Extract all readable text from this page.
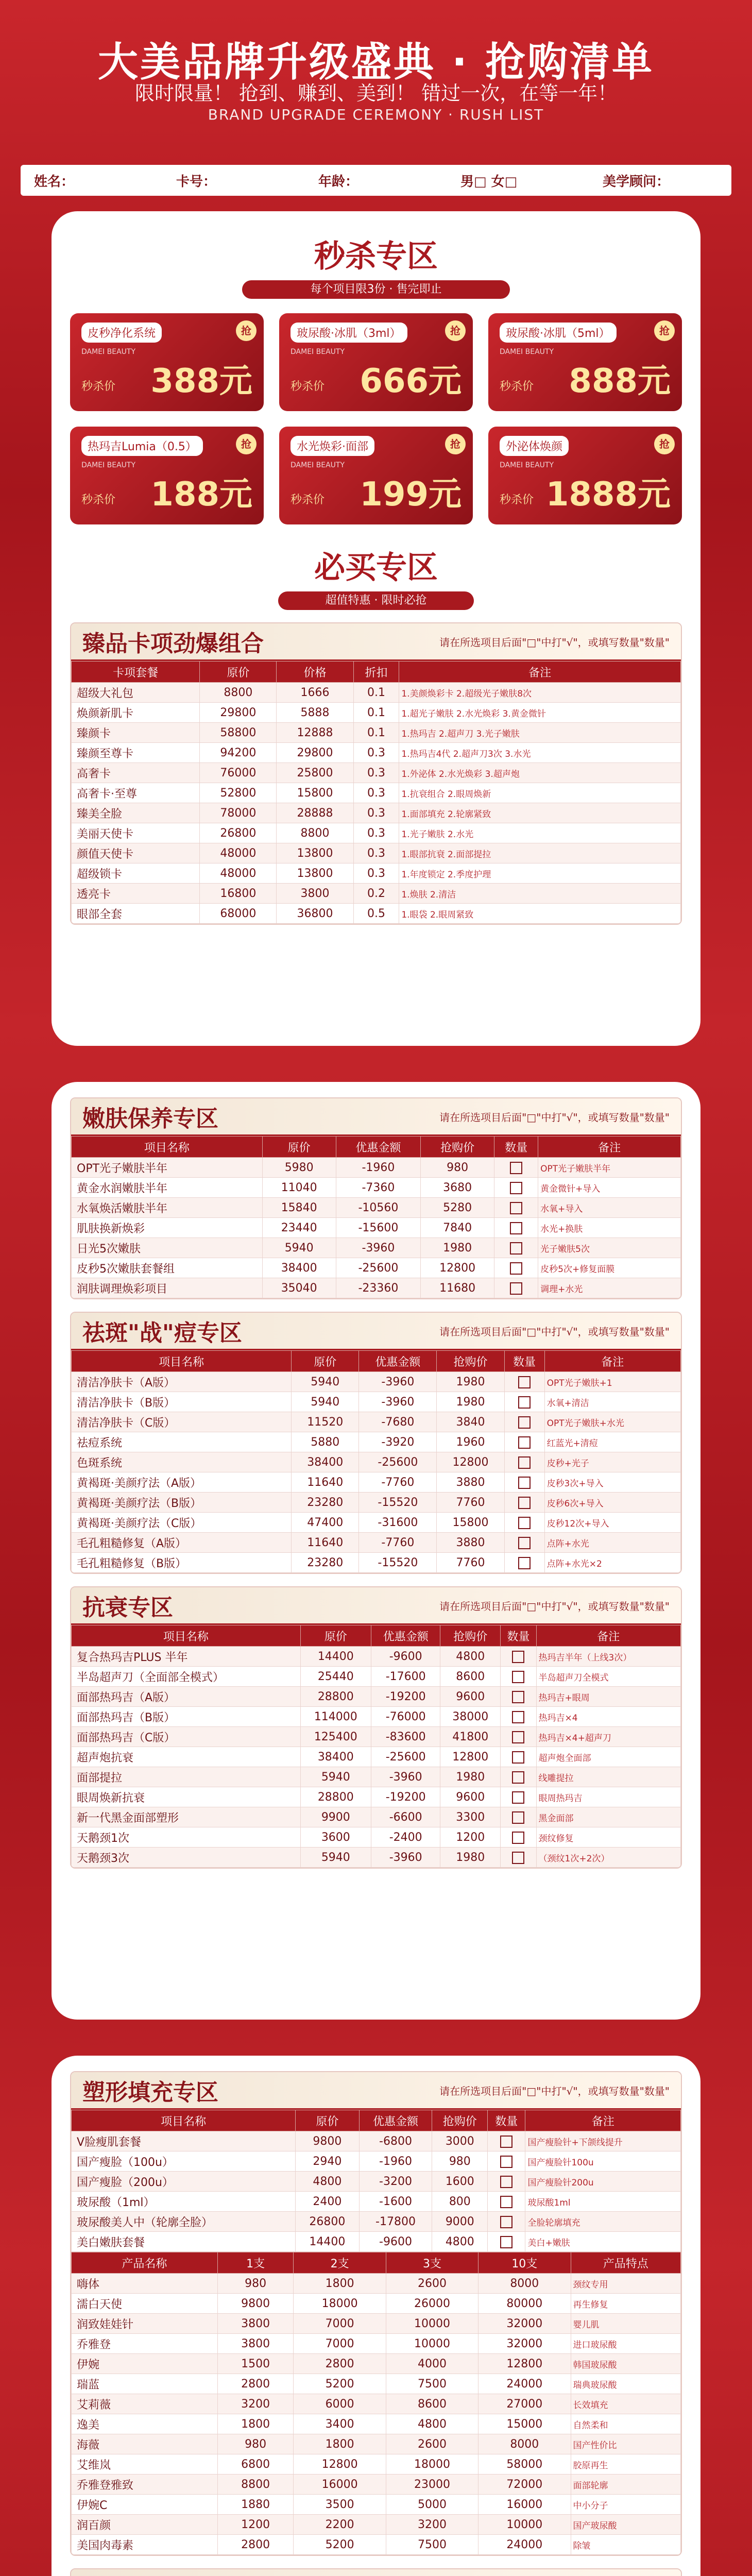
大美品牌升级盛典 · 抢购清单
限时限量！ 抢到、赚到、美到！ 错过一次，在等一年！
BRAND UPGRADE CEREMONY · RUSH LIST
姓名：	卡号：	年龄：	男□ 女□	美学顾问：
秒杀专区
每个项目限3份 · 售完即止
皮秒净化系统
DAMEI BEAUTY
秒杀价 388元
抢	玻尿酸·冰肌（3ml）
DAMEI BEAUTY
秒杀价 666元
抢	玻尿酸·冰肌（5ml）
DAMEI BEAUTY
秒杀价 888元
抢
热玛吉Lumia（0.5）
DAMEI BEAUTY
秒杀价 188元
抢	水光焕彩·面部
DAMEI BEAUTY
秒杀价 199元
抢	外泌体焕颜
DAMEI BEAUTY
秒杀价 1888元
抢
必买专区
超值特惠 · 限时必抢
臻品卡项劲爆组合	请在所选项目后面"□"中打"√"，或填写数量"数量"
卡项套餐	原价	价格	折扣	备注
超级大礼包	8800	1666	0.1	1.美颜焕彩卡 2.超级光子嫩肤8次
焕颜新肌卡	29800	5888	0.1	1.超光子嫩肤 2.水光焕彩 3.黄金微针
臻颜卡	58800	12888	0.1	1.热玛吉 2.超声刀 3.光子嫩肤
臻颜至尊卡	94200	29800	0.3	1.热玛吉4代 2.超声刀3次 3.水光
高奢卡	76000	25800	0.3	1.外泌体 2.水光焕彩 3.超声炮
高奢卡·至尊	52800	15800	0.3	1.抗衰组合 2.眼周焕新
臻美全脸	78000	28888	0.3	1.面部填充 2.轮廓紧致
美丽天使卡	26800	8800	0.3	1.光子嫩肤 2.水光
颜值天使卡	48000	13800	0.3	1.眼部抗衰 2.面部提拉
超级锁卡	48000	13800	0.3	1.年度锁定 2.季度护理
透亮卡	16800	3800	0.2	1.焕肤 2.清洁
眼部全套	68000	36800	0.5	1.眼袋 2.眼周紧致
嫩肤保养专区	请在所选项目后面"□"中打"√"，或填写数量"数量"
项目名称	原价	优惠金额	抢购价	数量	备注
OPT光子嫩肤半年	5980	-1960	980		OPT光子嫩肤半年
黄金水润嫩肤半年	11040	-7360	3680		黄金微针+导入
水氧焕活嫩肤半年	15840	-10560	5280		水氧+导入
肌肤换新焕彩	23440	-15600	7840		水光+换肤
日光5次嫩肤	5940	-3960	1980		光子嫩肤5次
皮秒5次嫩肤套餐组	38400	-25600	12800		皮秒5次+修复面膜
润肤调理焕彩项目	35040	-23360	11680		调理+水光
祛斑"战"痘专区	请在所选项目后面"□"中打"√"，或填写数量"数量"
项目名称	原价	优惠金额	抢购价	数量	备注
清洁净肤卡（A版）	5940	-3960	1980		OPT光子嫩肤+1
清洁净肤卡（B版）	5940	-3960	1980		水氧+清洁
清洁净肤卡（C版）	11520	-7680	3840		OPT光子嫩肤+水光
祛痘系统	5880	-3920	1960		红蓝光+清痘
色斑系统	38400	-25600	12800		皮秒+光子
黄褐斑·美颜疗法（A版）	11640	-7760	3880		皮秒3次+导入
黄褐斑·美颜疗法（B版）	23280	-15520	7760		皮秒6次+导入
黄褐斑·美颜疗法（C版）	47400	-31600	15800		皮秒12次+导入
毛孔粗糙修复（A版）	11640	-7760	3880		点阵+水光
毛孔粗糙修复（B版）	23280	-15520	7760		点阵+水光×2
抗衰专区	请在所选项目后面"□"中打"√"，或填写数量"数量"
项目名称	原价	优惠金额	抢购价	数量	备注
复合热玛吉PLUS 半年	14400	-9600	4800		热玛吉半年（上线3次）
半岛超声刀（全面部全模式）	25440	-17600	8600		半岛超声刀全模式
面部热玛吉（A版）	28800	-19200	9600		热玛吉+眼周
面部热玛吉（B版）	114000	-76000	38000		热玛吉×4
面部热玛吉（C版）	125400	-83600	41800		热玛吉×4+超声刀
超声炮抗衰	38400	-25600	12800		超声炮全面部
面部提拉	5940	-3960	1980		线雕提拉
眼周焕新抗衰	28800	-19200	9600		眼周热玛吉
新一代黑金面部塑形	9900	-6600	3300		黑金面部
天鹅颈1次	3600	-2400	1200		颈纹修复
天鹅颈3次	5940	-3960	1980		（颈纹1次+2次）
塑形填充专区	请在所选项目后面"□"中打"√"，或填写数量"数量"
项目名称	原价	优惠金额	抢购价	数量	备注
V脸瘦肌套餐	9800	-6800	3000		国产瘦脸针+下颌线提升
国产瘦脸（100u）	2940	-1960	980		国产瘦脸针100u
国产瘦脸（200u）	4800	-3200	1600		国产瘦脸针200u
玻尿酸（1ml）	2400	-1600	800		玻尿酸1ml
玻尿酸美人中（轮廓全脸）	26800	-17800	9000		全脸轮廓填充
美白嫩肤套餐	14400	-9600	4800		美白+嫩肤
产品名称	1支	2支	3支	10支	产品特点
嗨体	980	1800	2600	8000	颈纹专用
濡白天使	9800	18000	26000	80000	再生修复
润致娃娃针	3800	7000	10000	32000	婴儿肌
乔雅登	3800	7000	10000	32000	进口玻尿酸
伊婉	1500	2800	4000	12800	韩国玻尿酸
瑞蓝	2800	5200	7500	24000	瑞典玻尿酸
艾莉薇	3200	6000	8600	27000	长效填充
逸美	1800	3400	4800	15000	自然柔和
海薇	980	1800	2600	8000	国产性价比
艾维岚	6800	12800	18000	58000	胶原再生
乔雅登雅致	8800	16000	23000	72000	面部轮廓
伊婉C	1880	3500	5000	16000	中小分子
润百颜	1200	2200	3200	10000	国产玻尿酸
美国肉毒素	2800	5200	7500	24000	除皱
